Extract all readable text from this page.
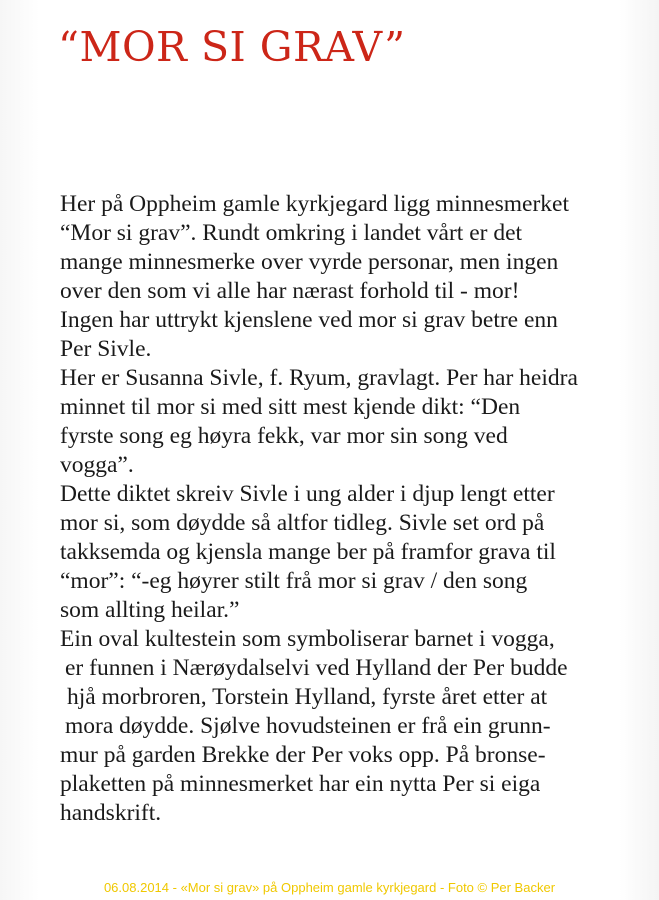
“MOR SI GRAV”
Her på Oppheim gamle kyrkjegard ligg minnesmerket
“Mor si grav”. Rundt omkring i landet vårt er det
mange minnesmerke over vyrde personar, men ingen
over den som vi alle har nærast forhold til - mor!
Ingen har uttrykt kjenslene ved mor si grav betre enn
Per Sivle.
Her er Susanna Sivle, f. Ryum, gravlagt. Per har heidra
minnet til mor si med sitt mest kjende dikt: “Den
fyrste song eg høyra fekk, var mor sin song ved
vogga”.
Dette diktet skreiv Sivle i ung alder i djup lengt etter
mor si, som døydde så altfor tidleg. Sivle set ord på
takksemda og kjensla mange ber på framfor grava til
“mor”: “-eg høyrer stilt frå mor si grav / den song
som allting heilar.”
Ein oval kultestein som symboliserar barnet i vogga,
er funnen i Nærøydalselvi ved Hylland der Per budde
hjå morbroren, Torstein Hylland, fyrste året etter at
mora døydde. Sjølve hovudsteinen er frå ein grunn-
mur på garden Brekke der Per voks opp. På bronse-
plaketten på minnesmerket har ein nytta Per si eiga
handskrift.

06.08.2014 - «Mor si grav» på Oppheim gamle kyrkjegard - Foto © Per Backer
